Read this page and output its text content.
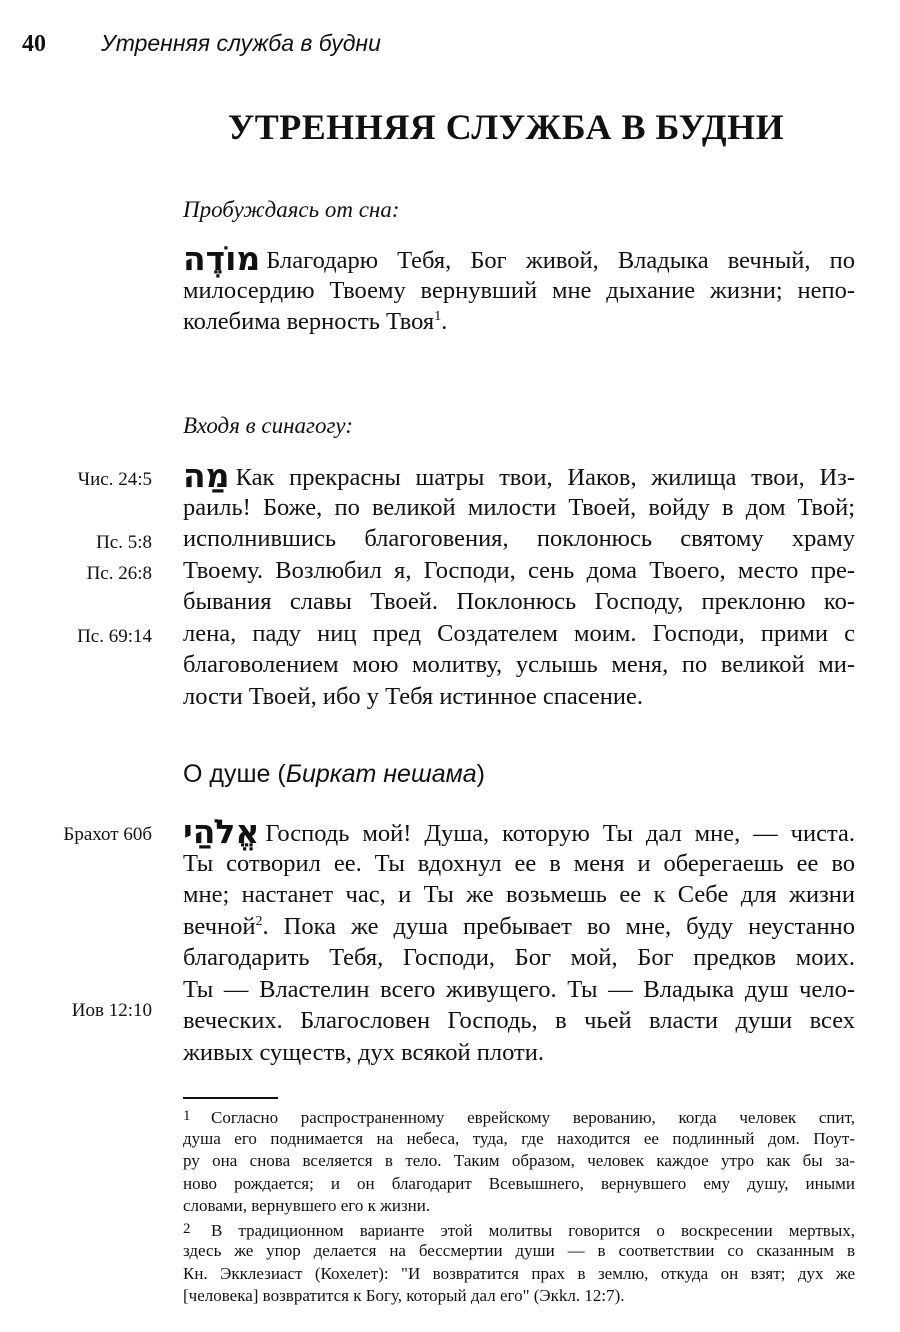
40 Утренняя служба в будни
УТРЕННЯЯ СЛУЖБА В БУДНИ
Пробуждаясь от сна:
מוֹדֶה Благодарю Тебя, Бог живой, Владыка вечный, по
милосердию Твоему вернувший мне дыхание жизни; непо-
колебима верность Твоя$^1$.
Входя в синагогу:
מַה Как прекрасны шатры твои, Иаков, жилища твои, Из-
раиль! Боже, по великой милости Твоей, войду в дом Твой;
исполнившись благоговения, поклонюсь святому храму
Твоему. Возлюбил я, Господи, сень дома Твоего, место пре-
бывания славы Твоей. Поклонюсь Господу, преклоню ко-
лена, паду ниц пред Создателем моим. Господи, прими с
благоволением мою молитву, услышь меня, по великой ми-
лости Твоей, ибо у Тебя истинное спасение.
Чис. 24:5
Пс. 5:8
Пс. 26:8
Пс. 69:14
О душе (Биркат нешама)
אֱלֹהַי Господь мой! Душа, которую Ты дал мне, — чиста.
Ты сотворил ее. Ты вдохнул ее в меня и оберегаешь ее во
мне; настанет час, и Ты же возьмешь ее к Себе для жизни
вечной$^2$. Пока же душа пребывает во мне, буду неустанно
благодарить Тебя, Господи, Бог мой, Бог предков моих.
Ты — Властелин всего живущего. Ты — Владыка душ чело-
веческих. Благословен Господь, в чьей власти души всех
живых существ, дух всякой плоти.
Брахот 60б
Иов 12:10
1 Согласно распространенному еврейскому верованию, когда человек спит,
душа его поднимается на небеса, туда, где находится ее подлинный дом. Поут-
ру она снова вселяется в тело. Таким образом, человек каждое утро как бы за-
ново рождается; и он благодарит Всевышнего, вернувшего ему душу, иными
словами, вернувшего его к жизни.
2 В традиционном варианте этой молитвы говорится о воскресении мертвых,
здесь же упор делается на бессмертии души — в соответствии со сказанным в
Кн. Экклезиаст (Кохелет): "И возвратится прах в землю, откуда он взят; дух же
[человека] возвратится к Богу, который дал его" (Экkл. 12:7).
